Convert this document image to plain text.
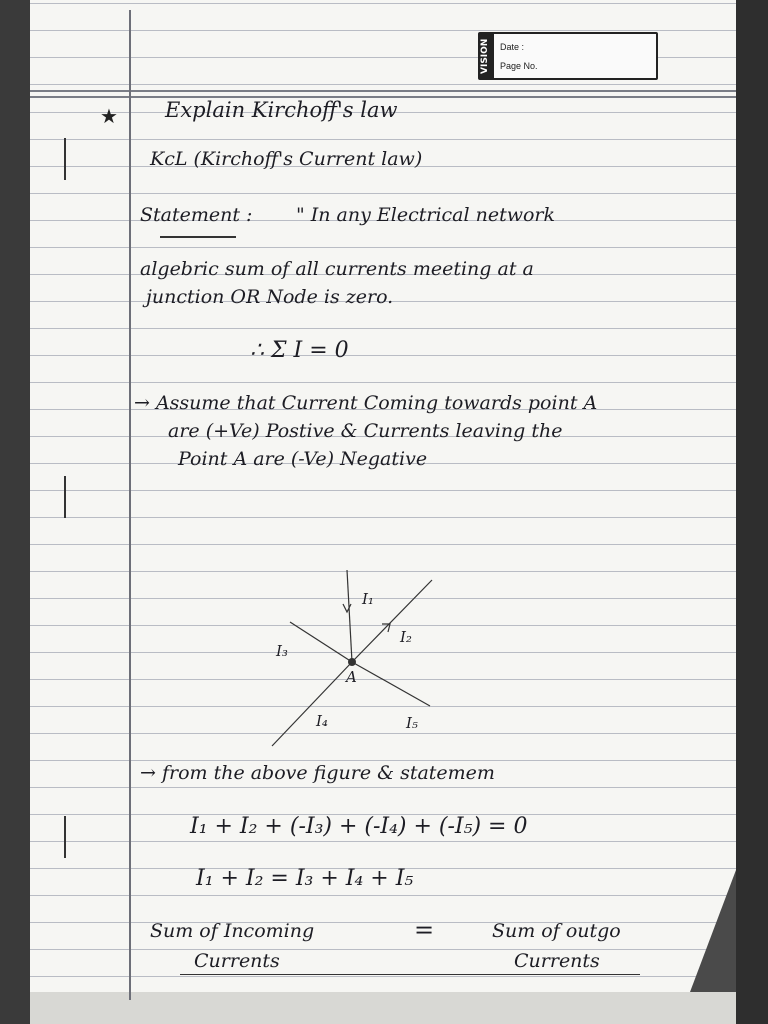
VISION	Date :
Page No.
★ Explain Kirchoff's law
KcL (Kirchoff's Current law)
Statement : " In any Electrical network
algebric sum of all currents meeting at a
junction OR Node is zero.
∴ Σ I = 0
→ Assume that Current Coming towards point A
are (+Ve) Postive & Currents leaving the
Point A are (-Ve) Negative
I₁
I₂
I₃
A
I₄	I₅
→ from the above figure & statemem
I₁ + I₂ + (-I₃) + (-I₄) + (-I₅) = 0
I₁ + I₂ = I₃ + I₄ + I₅
Sum of Incoming	=	Sum of outgo
Currents	Currents
